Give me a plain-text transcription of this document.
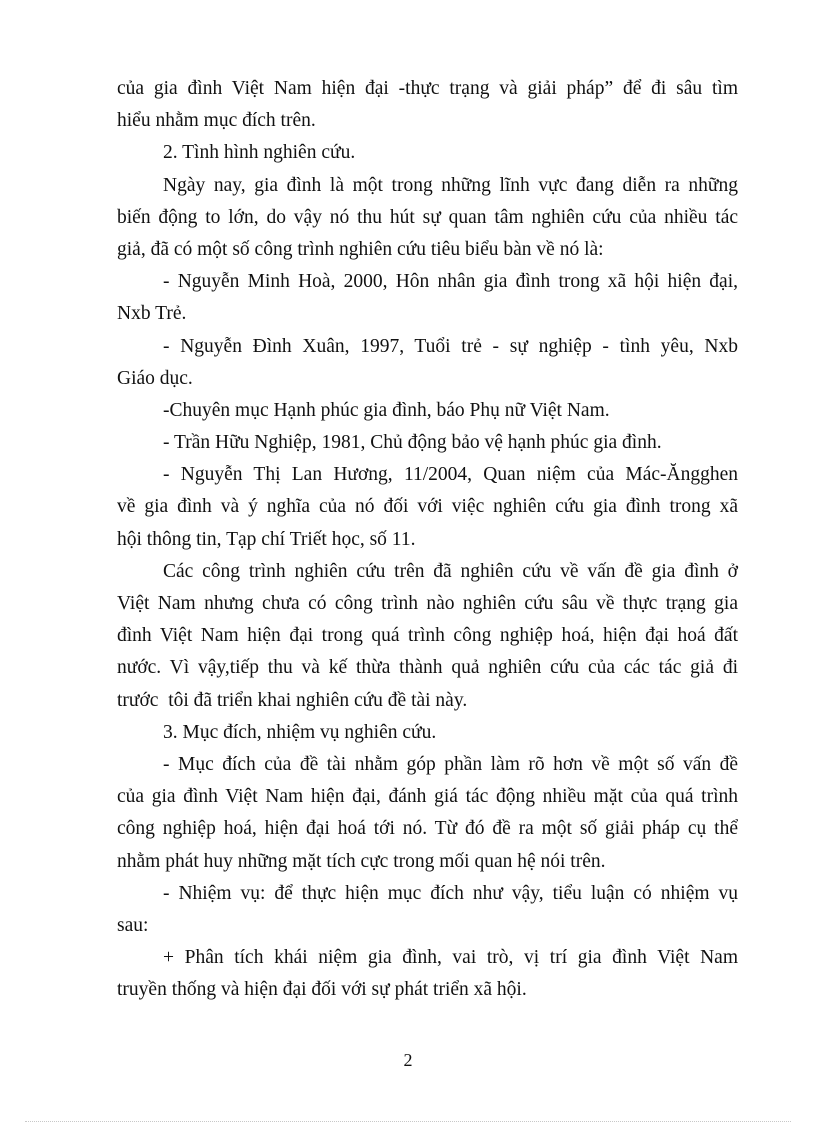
của gia đình Việt Nam hiện đại -thực trạng và giải pháp” để đi sâu tìm
hiểu nhằm mục đích trên.
2. Tình hình nghiên cứu.
Ngày nay, gia đình là một trong những lĩnh vực đang diễn ra những
biến động to lớn, do vậy nó thu hút sự quan tâm nghiên cứu của nhiều tác
giả, đã có một số công trình nghiên cứu tiêu biểu bàn về nó là:
- Nguyễn Minh Hoà, 2000, Hôn nhân gia đình trong xã hội hiện đại,
Nxb Trẻ.
- Nguyễn Đình Xuân, 1997, Tuổi trẻ - sự nghiệp - tình yêu, Nxb
Giáo dục.
-Chuyên mục Hạnh phúc gia đình, báo Phụ nữ Việt Nam.
- Trần Hữu Nghiệp, 1981, Chủ động bảo vệ hạnh phúc gia đình.
- Nguyễn Thị Lan Hương, 11/2004, Quan niệm của Mác-Ăngghen
về gia đình và ý nghĩa của nó đối với việc nghiên cứu gia đình trong xã
hội thông tin, Tạp chí Triết học, số 11.
Các công trình nghiên cứu trên đã nghiên cứu về vấn đề gia đình ở
Việt Nam nhưng chưa có công trình nào nghiên cứu sâu về thực trạng gia
đình Việt Nam hiện đại trong quá trình công nghiệp hoá, hiện đại hoá đất
nước. Vì vậy,tiếp thu và kế thừa thành quả nghiên cứu của các tác giả đi
trước  tôi đã triển khai nghiên cứu đề tài này.
3. Mục đích, nhiệm vụ nghiên cứu.
- Mục đích của đề tài nhằm góp phần làm rõ hơn về một số vấn đề
của gia đình Việt Nam hiện đại, đánh giá tác động nhiều mặt của quá trình
công nghiệp hoá, hiện đại hoá tới nó. Từ đó đề ra một số giải pháp cụ thể
nhằm phát huy những mặt tích cực trong mối quan hệ nói trên.
- Nhiệm vụ: để thực hiện mục đích như vậy, tiểu luận có nhiệm vụ
sau:
+ Phân tích khái niệm gia đình, vai trò, vị trí gia đình Việt Nam
truyền thống và hiện đại đối với sự phát triển xã hội.
2
